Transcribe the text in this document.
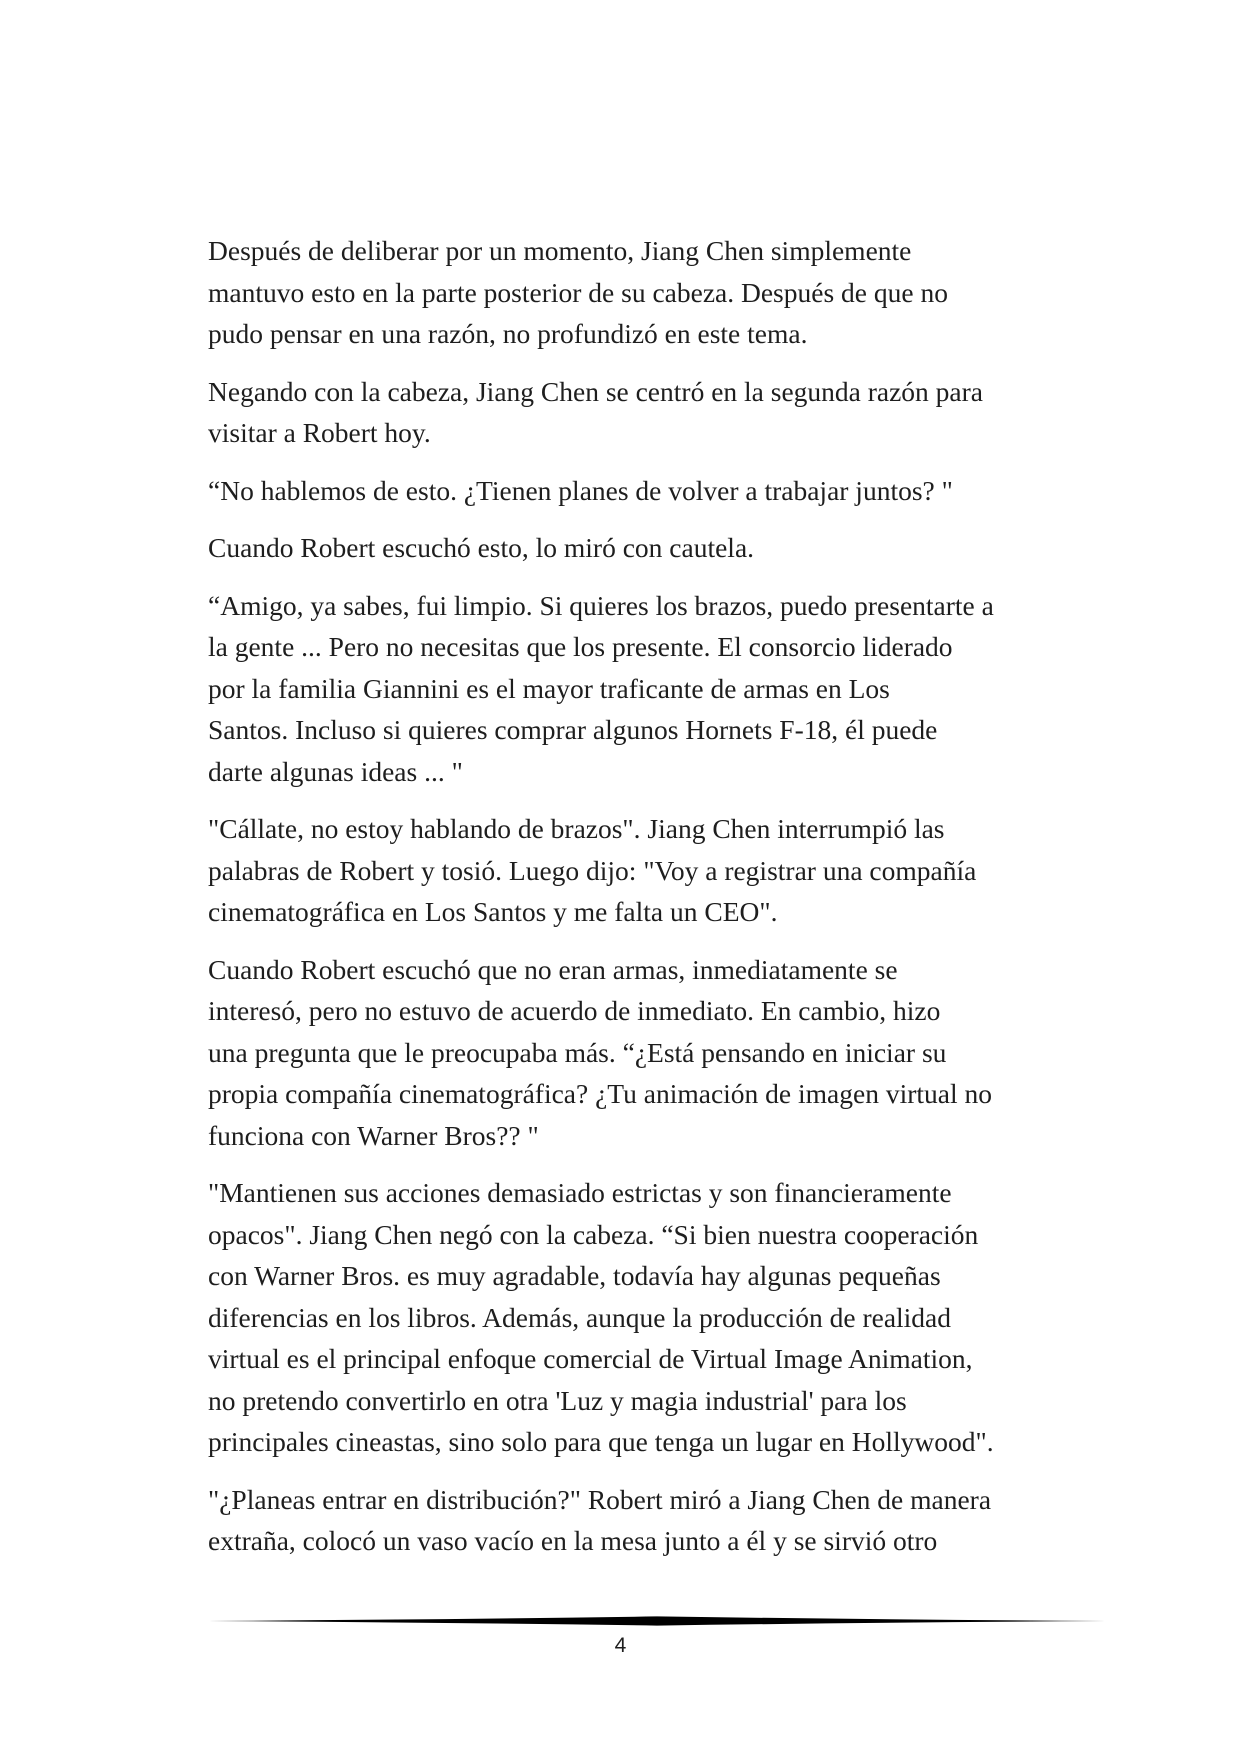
Después de deliberar por un momento, Jiang Chen simplemente
mantuvo esto en la parte posterior de su cabeza. Después de que no
pudo pensar en una razón, no profundizó en este tema.

Negando con la cabeza, Jiang Chen se centró en la segunda razón para
visitar a Robert hoy.

“No hablemos de esto. ¿Tienen planes de volver a trabajar juntos? "

Cuando Robert escuchó esto, lo miró con cautela.

“Amigo, ya sabes, fui limpio. Si quieres los brazos, puedo presentarte a
la gente ... Pero no necesitas que los presente. El consorcio liderado
por la familia Giannini es el mayor traficante de armas en Los
Santos. Incluso si quieres comprar algunos Hornets F-18, él puede
darte algunas ideas ... "

"Cállate, no estoy hablando de brazos". Jiang Chen interrumpió las
palabras de Robert y tosió. Luego dijo: "Voy a registrar una compañía
cinematográfica en Los Santos y me falta un CEO".

Cuando Robert escuchó que no eran armas, inmediatamente se
interesó, pero no estuvo de acuerdo de inmediato. En cambio, hizo
una pregunta que le preocupaba más. “¿Está pensando en iniciar su
propia compañía cinematográfica? ¿Tu animación de imagen virtual no
funciona con Warner Bros?? "

"Mantienen sus acciones demasiado estrictas y son financieramente
opacos". Jiang Chen negó con la cabeza. “Si bien nuestra cooperación
con Warner Bros. es muy agradable, todavía hay algunas pequeñas
diferencias en los libros. Además, aunque la producción de realidad
virtual es el principal enfoque comercial de Virtual Image Animation,
no pretendo convertirlo en otra 'Luz y magia industrial' para los
principales cineastas, sino solo para que tenga un lugar en Hollywood".

"¿Planeas entrar en distribución?" Robert miró a Jiang Chen de manera
extraña, colocó un vaso vacío en la mesa junto a él y se sirvió otro

4
